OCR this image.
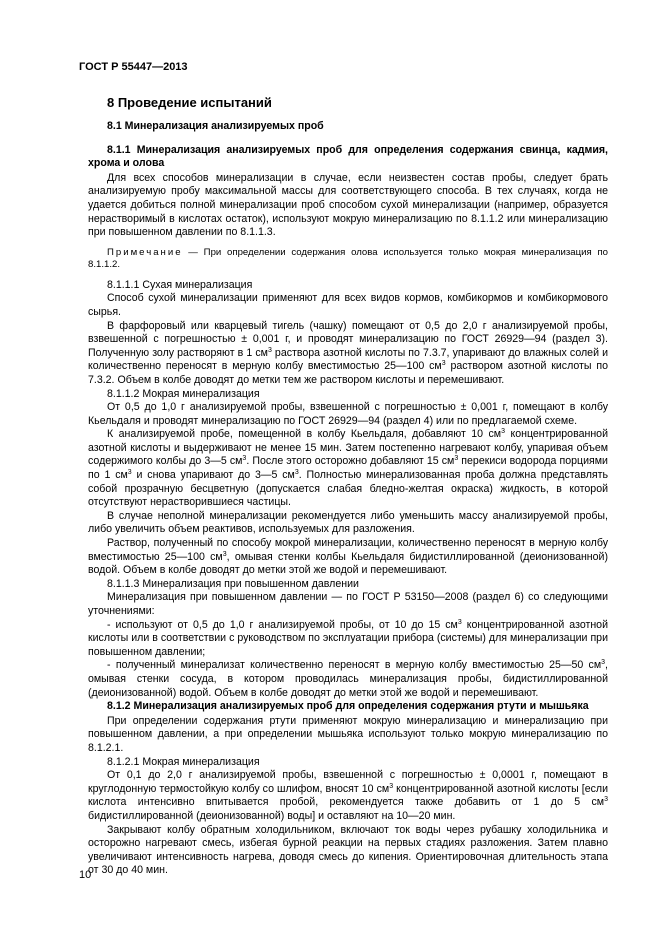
ГОСТ Р 55447—2013
8 Проведение испытаний
8.1 Минерализация анализируемых проб
8.1.1 Минерализация анализируемых проб для определения содержания свинца, кадмия, хрома и олова

Для всех способов минерализации в случае, если неизвестен состав пробы, следует брать анализируемую пробу максимальной массы для соответствующего способа. В тех случаях, когда не удается добиться полной минерализации проб способом сухой минерализации (например, образуется нерастворимый в кислотах остаток), используют мокрую минерализацию по 8.1.1.2 или минерализацию при повышенном давлении по 8.1.1.3.

Примечание — При определении содержания олова используется только мокрая минерализация по 8.1.1.2.

8.1.1.1 Сухая минерализация

Способ сухой минерализации применяют для всех видов кормов, комбикормов и комбикормового сырья.

В фарфоровый или кварцевый тигель (чашку) помещают от 0,5 до 2,0 г анализируемой пробы, взвешенной с погрешностью ± 0,001 г, и проводят минерализацию по ГОСТ 26929—94 (раздел 3). Полученную золу растворяют в 1 $см^3$ раствора азотной кислоты по 7.3.7, упаривают до влажных солей и количественно переносят в мерную колбу вместимостью 25—100 $см^3$ раствором азотной кислоты по 7.3.2. Объем в колбе доводят до метки тем же раствором кислоты и перемешивают.

8.1.1.2 Мокрая минерализация

От 0,5 до 1,0 г анализируемой пробы, взвешенной с погрешностью ± 0,001 г, помещают в колбу Кьельдаля и проводят минерализацию по ГОСТ 26929—94 (раздел 4) или по предлагаемой схеме.

К анализируемой пробе, помещенной в колбу Кьельдаля, добавляют 10 $см^3$ концентрированной азотной кислоты и выдерживают не менее 15 мин. Затем постепенно нагревают колбу, упаривая объем содержимого колбы до 3—5 $см^3$. После этого осторожно добавляют 15 $см^3$ перекиси водорода порциями по 1 $см^3$ и снова упаривают до 3—5 $см^3$. Полностью минерализованная проба должна представлять собой прозрачную бесцветную (допускается слабая бледно-желтая окраска) жидкость, в которой отсутствуют нерастворившиеся частицы.

В случае неполной минерализации рекомендуется либо уменьшить массу анализируемой пробы, либо увеличить объем реактивов, используемых для разложения.

Раствор, полученный по способу мокрой минерализации, количественно переносят в мерную колбу вместимостью 25—100 $см^3$, омывая стенки колбы Кьельдаля бидистиллированной (деионизованной) водой. Объем в колбе доводят до метки этой же водой и перемешивают.

8.1.1.3 Минерализация при повышенном давлении

Минерализация при повышенном давлении — по ГОСТ Р 53150—2008 (раздел 6) со следующими уточнениями:

- используют от 0,5 до 1,0 г анализируемой пробы, от 10 до 15 $см^3$ концентрированной азотной кислоты или в соответствии с руководством по эксплуатации прибора (системы) для минерализации при повышенном давлении;

- полученный минерализат количественно переносят в мерную колбу вместимостью 25—50 $см^3$, омывая стенки сосуда, в котором проводилась минерализация пробы, бидистиллированной (деионизованной) водой. Объем в колбе доводят до метки этой же водой и перемешивают.

8.1.2 Минерализация анализируемых проб для определения содержания ртути и мышьяка

При определении содержания ртути применяют мокрую минерализацию и минерализацию при повышенном давлении, а при определении мышьяка используют только мокрую минерализацию по 8.1.2.1.

8.1.2.1 Мокрая минерализация

От 0,1 до 2,0 г анализируемой пробы, взвешенной с погрешностью ± 0,0001 г, помещают в круглодонную термостойкую колбу со шлифом, вносят 10 $см^3$ концентрированной азотной кислоты [если кислота интенсивно впитывается пробой, рекомендуется также добавить от 1 до 5 $см^3$ бидистиллированной (деионизованной) воды] и оставляют на 10—20 мин.

Закрывают колбу обратным холодильником, включают ток воды через рубашку холодильника и осторожно нагревают смесь, избегая бурной реакции на первых стадиях разложения. Затем плавно увеличивают интенсивность нагрева, доводя смесь до кипения. Ориентировочная длительность этапа от 30 до 40 мин.

10
